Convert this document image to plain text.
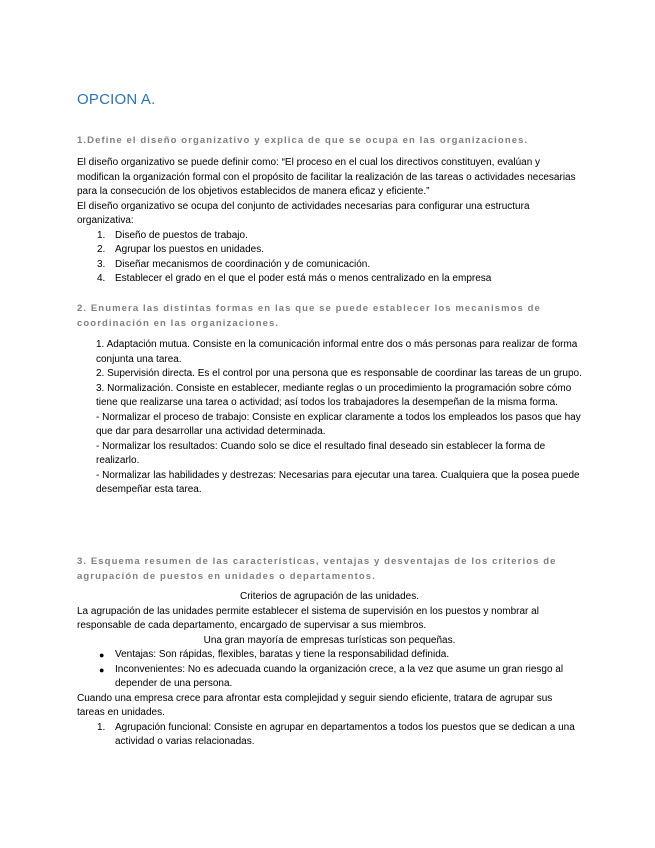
OPCION A.
1.Define el diseño organizativo y explica de que se ocupa en las organizaciones.

El diseño organizativo se puede definir como: “El proceso en el cual los directivos constituyen, evalúan y modifican la organización formal con el propósito de facilitar la realización de las tareas o actividades necesarias para la consecución de los objetivos establecidos de manera eficaz y eficiente.”

El diseño organizativo se ocupa del conjunto de actividades necesarias para configurar una estructura organizativa:

1. Diseño de puestos de trabajo.
2. Agrupar los puestos en unidades.
3. Diseñar mecanismos de coordinación y de comunicación.
4. Establecer el grado en el que el poder está más o menos centralizado en la empresa
2. Enumera las distintas formas en las que se puede establecer los mecanismos de coordinación en las organizaciones.

1. Adaptación mutua. Consiste en la comunicación informal entre dos o más personas para realizar de forma conjunta una tarea.

2. Supervisión directa. Es el control por una persona que es responsable de coordinar las tareas de un grupo.

3. Normalización. Consiste en establecer, mediante reglas o un procedimiento la programación sobre cómo tiene que realizarse una tarea o actividad; así todos los trabajadores la desempeñan de la misma forma.

- Normalizar el proceso de trabajo: Consiste en explicar claramente a todos los empleados los pasos que hay que dar para desarrollar una actividad determinada.

- Normalizar los resultados: Cuando solo se dice el resultado final deseado sin establecer la forma de realizarlo.

- Normalizar las habilidades y destrezas: Necesarias para ejecutar una tarea. Cualquiera que la posea puede desempeñar esta tarea.

3. Esquema resumen de las características, ventajas y desventajas de los criterios de agrupación de puestos en unidades o departamentos.

Criterios de agrupación de las unidades.

La agrupación de las unidades permite establecer el sistema de supervisión en los puestos y nombrar al responsable de cada departamento, encargado de supervisar a sus miembros.

Una gran mayoría de empresas turísticas son pequeñas.

● Ventajas: Son rápidas, flexibles, baratas y tiene la responsabilidad definida.
● Inconvenientes: No es adecuada cuando la organización crece, a la vez que asume un gran riesgo al depender de una persona.

Cuando una empresa crece para afrontar esta complejidad y seguir siendo eficiente, tratara de agrupar sus tareas en unidades.

1. Agrupación funcional: Consiste en agrupar en departamentos a todos los puestos que se dedican a una actividad o varias relacionadas.
